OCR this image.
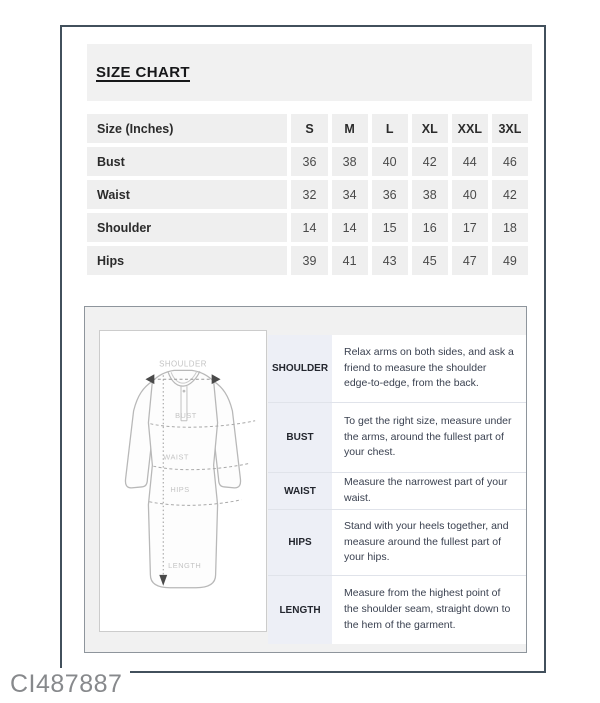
SIZE CHART
Size (Inches)	S	M	L	XL	XXL	3XL
Bust	36	38	40	42	44	46
Waist	32	34	36	38	40	42
Shoulder	14	14	15	16	17	18
Hips	39	41	43	45	47	49
SHOULDER
BUST
WAIST
HIPS
LENGTH
SHOULDER
Relax arms on both sides, and ask a friend to measure the shoulder edge-to-edge, from the back.
BUST
To get the right size, measure under the arms, around the fullest part of your chest.
WAIST
Measure the narrowest part of your waist.
HIPS
Stand with your heels together, and measure around the fullest part of your hips.
LENGTH
Measure from the highest point of the shoulder seam, straight down to the hem of the garment.
CI487887
